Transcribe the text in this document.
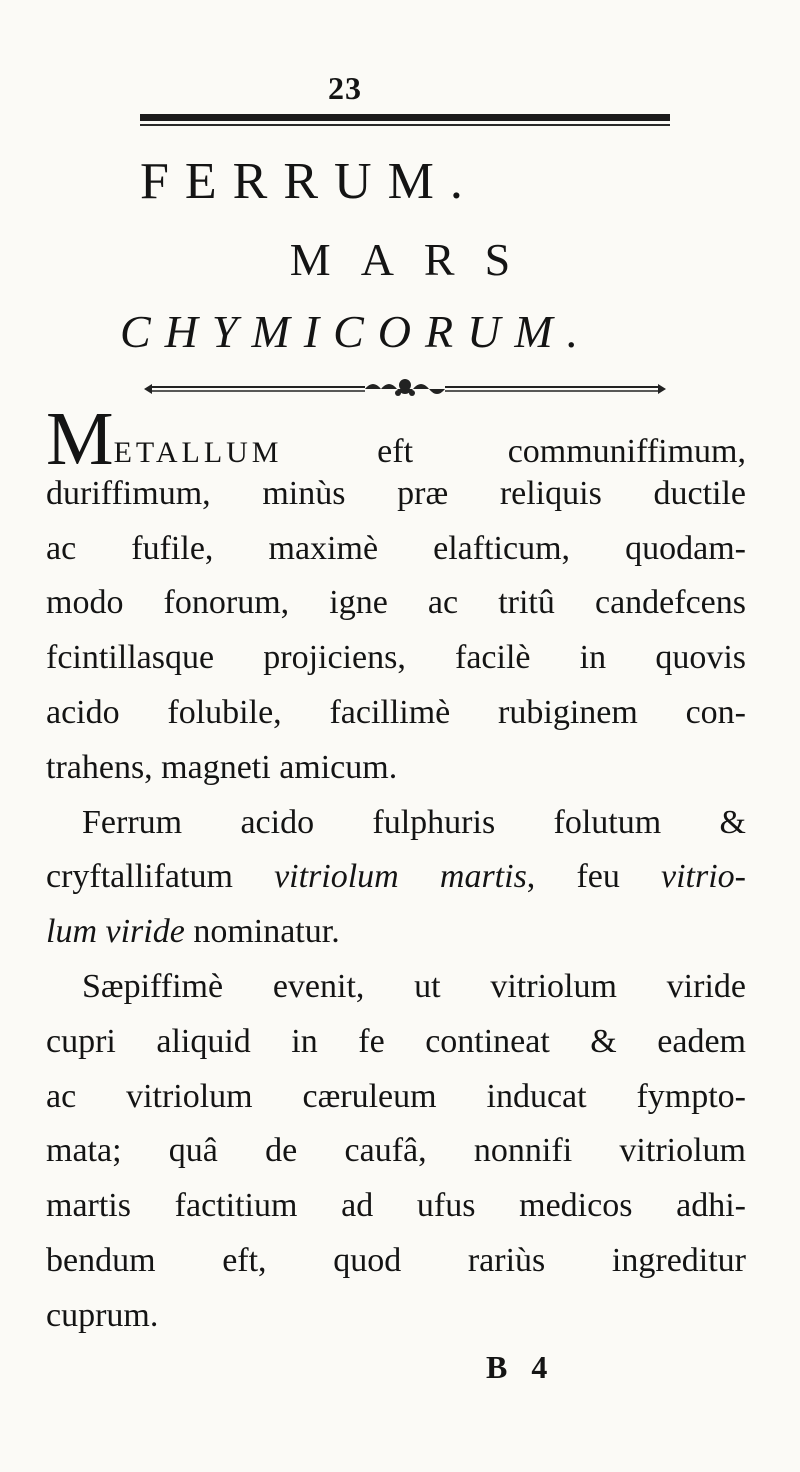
23
FERRUM.
MARS
CHYMICORUM.
METALLUM eft communiffimum,
duriffimum, minùs præ reliquis ductile
ac fufile, maximè elafticum, quodam-
modo fonorum, igne ac tritû candefcens
fcintillasque projiciens, facilè in quovis
acido folubile, facillimè rubiginem con-
trahens, magneti amicum.
Ferrum acido fulphuris folutum &
cryftallifatum vitriolum martis, feu vitrio-
lum viride nominatur.
Sæpiffimè evenit, ut vitriolum viride
cupri aliquid in fe contineat & eadem
ac vitriolum cæruleum inducat fympto-
mata; quâ de caufâ, nonnifi vitriolum
martis factitium ad ufus medicos adhi-
bendum eft, quod rariùs ingreditur
cuprum.
B 4
